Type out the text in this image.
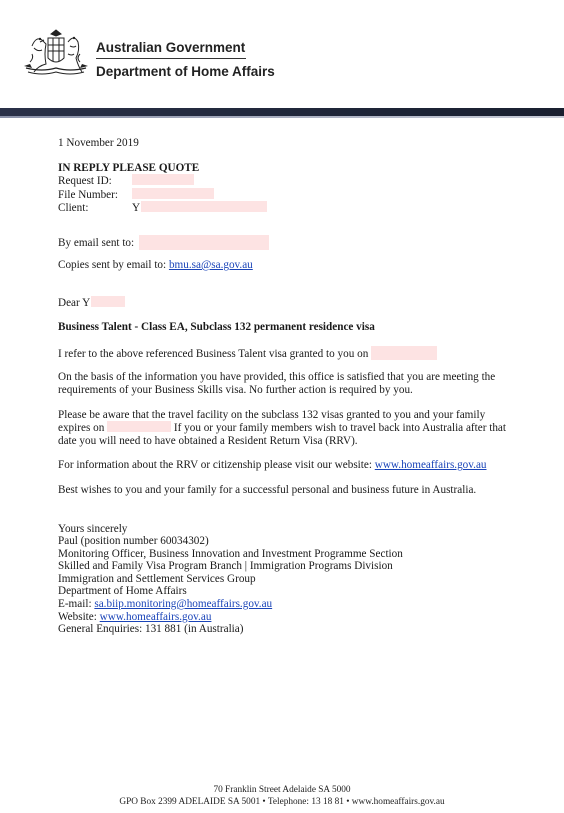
Australian Government
Department of Home Affairs
1 November 2019
IN REPLY PLEASE QUOTE
Request ID:
File Number:
Client:	Y
By email sent to:
Copies sent by email to: bmu.sa@sa.gov.au
Dear Y
Business Talent - Class EA, Subclass 132 permanent residence visa
I refer to the above referenced Business Talent visa granted to you on
On the basis of the information you have provided, this office is satisfied that you are meeting the
requirements of your Business Skills visa. No further action is required by you.
Please be aware that the travel facility on the subclass 132 visas granted to you and your family
expires on	If you or your family members wish to travel back into Australia after that
date you will need to have obtained a Resident Return Visa (RRV).
For information about the RRV or citizenship please visit our website: www.homeaffairs.gov.au
Best wishes to you and your family for a successful personal and business future in Australia.
Yours sincerely
Paul (position number 60034302)
Monitoring Officer, Business Innovation and Investment Programme Section
Skilled and Family Visa Program Branch | Immigration Programs Division
Immigration and Settlement Services Group
Department of Home Affairs
E-mail: sa.biip.monitoring@homeaffairs.gov.au
Website: www.homeaffairs.gov.au
General Enquiries: 131 881 (in Australia)
70 Franklin Street Adelaide SA 5000
GPO Box 2399 ADELAIDE SA 5001 • Telephone: 13 18 81 • www.homeaffairs.gov.au
